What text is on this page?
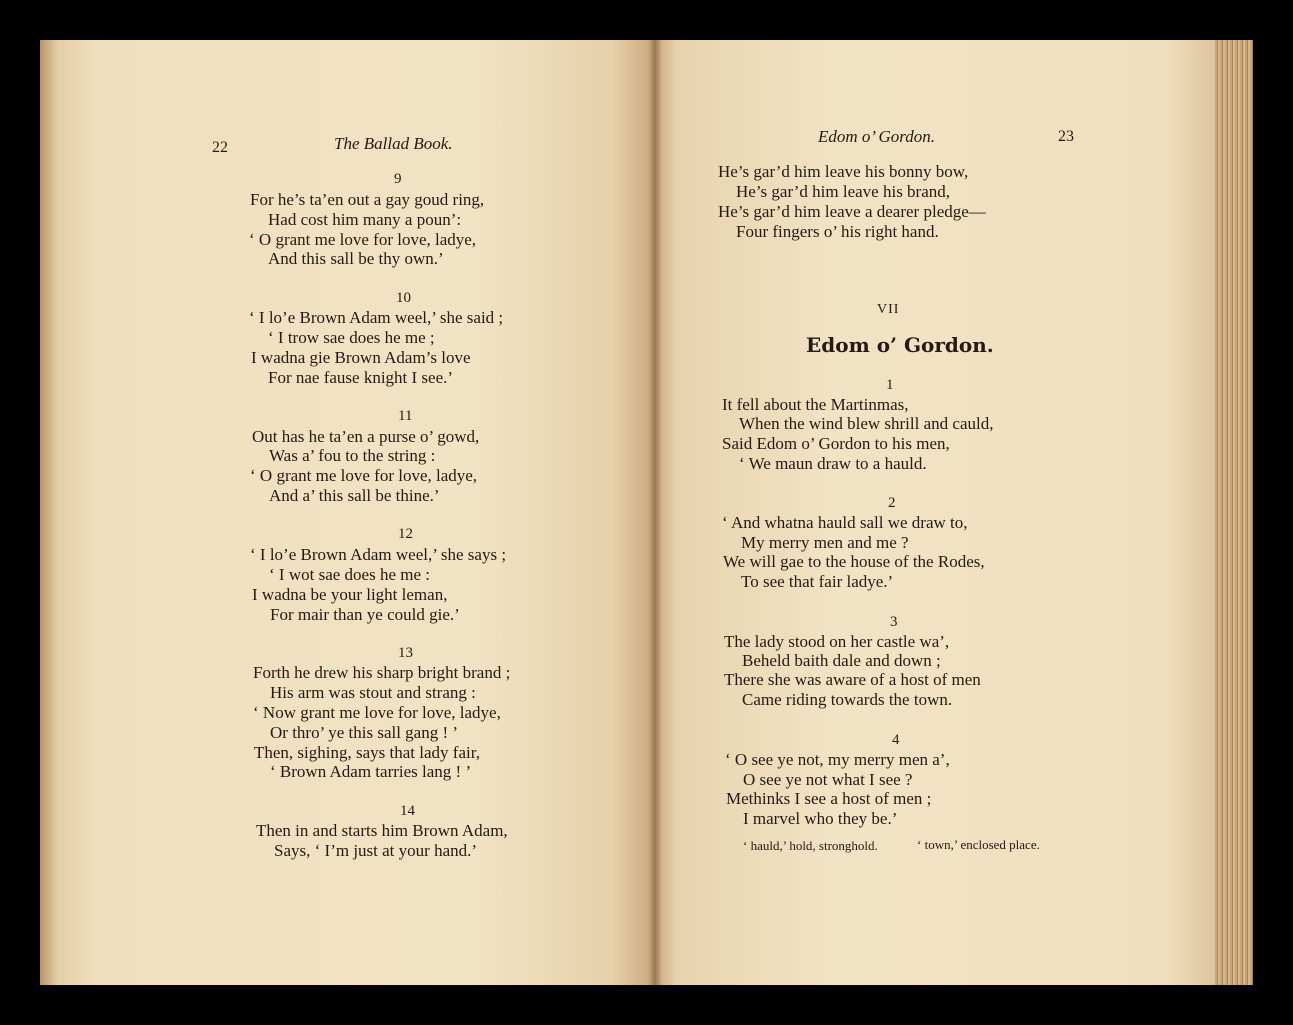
22	The Ballad Book.
9
For he’s ta’en out a gay goud ring,
Had cost him many a poun’:
‘ O grant me love for love, ladye,
And this sall be thy own.’
10
‘ I lo’e Brown Adam weel,’ she said ;
‘ I trow sae does he me ;
I wadna gie Brown Adam’s love
For nae fause knight I see.’
11
Out has he ta’en a purse o’ gowd,
Was a’ fou to the string :
‘ O grant me love for love, ladye,
And a’ this sall be thine.’
12
‘ I lo’e Brown Adam weel,’ she says ;
‘ I wot sae does he me :
I wadna be your light leman,
For mair than ye could gie.’
13
Forth he drew his sharp bright brand ;
His arm was stout and strang :
‘ Now grant me love for love, ladye,
Or thro’ ye this sall gang ! ’
Then, sighing, says that lady fair,
‘ Brown Adam tarries lang ! ’
14
Then in and starts him Brown Adam,
Says, ‘ I’m just at your hand.’
Edom o’ Gordon.	23
He’s gar’d him leave his bonny bow,
He’s gar’d him leave his brand,
He’s gar’d him leave a dearer pledge—
Four fingers o’ his right hand.
VII
Edom o’ Gordon.
1
It fell about the Martinmas,
When the wind blew shrill and cauld,
Said Edom o’ Gordon to his men,
‘ We maun draw to a hauld.
2
‘ And whatna hauld sall we draw to,
My merry men and me ?
We will gae to the house of the Rodes,
To see that fair ladye.’
3
The lady stood on her castle wa’,
Beheld baith dale and down ;
There she was aware of a host of men
Came riding towards the town.
4
‘ O see ye not, my merry men a’,
O see ye not what I see ?
Methinks I see a host of men ;
I marvel who they be.’
‘ hauld,’ hold, stronghold.	‘ town,’ enclosed place.
